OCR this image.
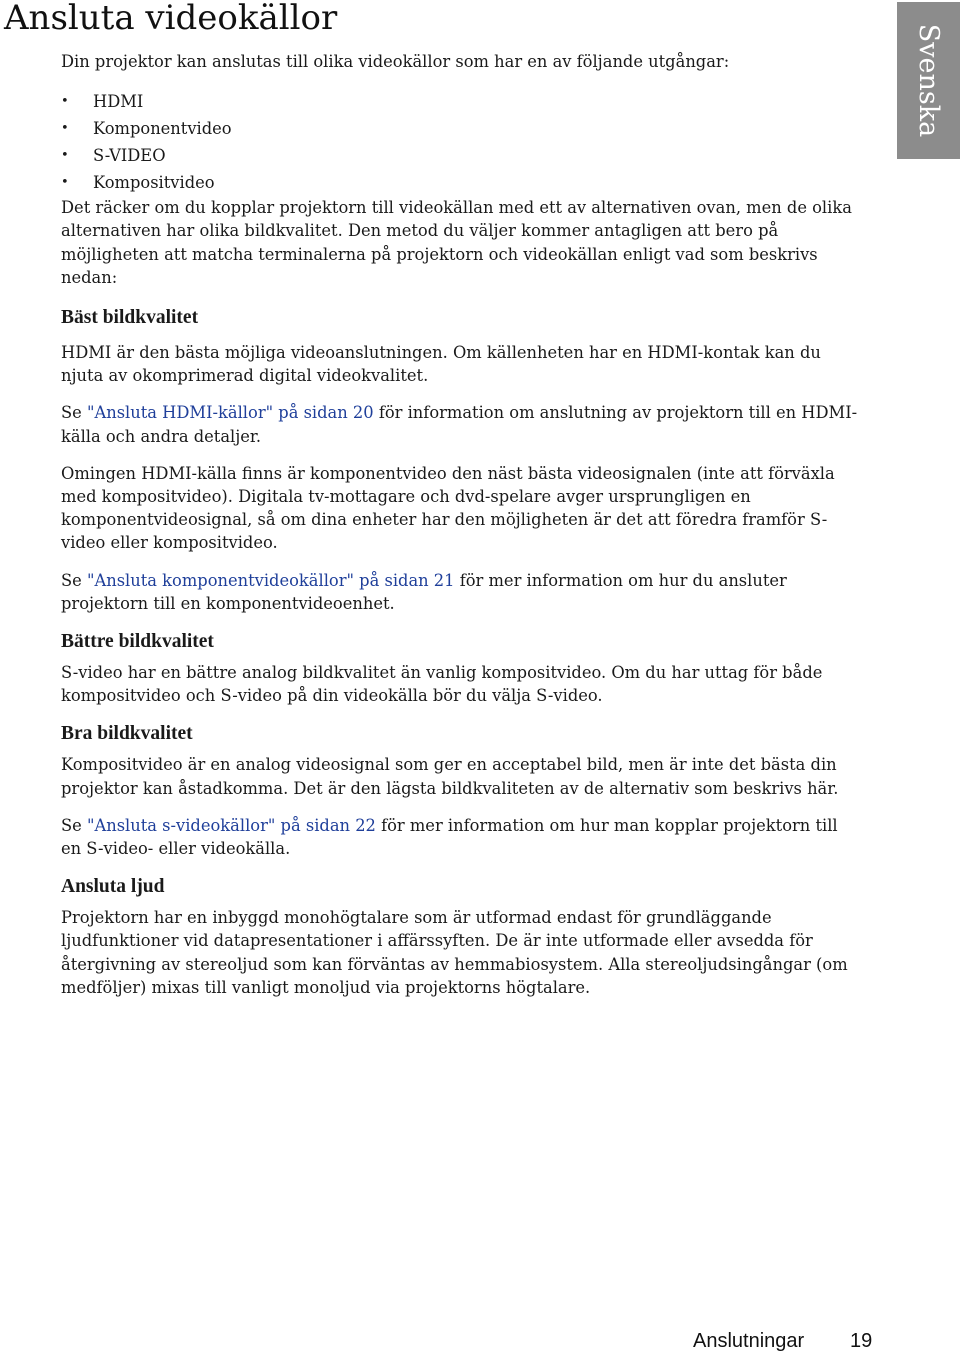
Ansluta videokällor
Svenska

Din projektor kan anslutas till olika videokällor som har en av följande utgångar:

• HDMI
• Komponentvideo
• S-VIDEO
• Kompositvideo

Det räcker om du kopplar projektorn till videokällan med ett av alternativen ovan, men de olika alternativen har olika bildkvalitet. Den metod du väljer kommer antagligen att bero på möjligheten att matcha terminalerna på projektorn och videokällan enligt vad som beskrivs nedan:

Bäst bildkvalitet

HDMI är den bästa möjliga videoanslutningen. Om källenheten har en HDMI-kontak kan du njuta av okomprimerad digital videokvalitet.

Se "Ansluta HDMI-källor" på sidan 20 för information om anslutning av projektorn till en HDMI-källa och andra detaljer.

Omingen HDMI-källa finns är komponentvideo den näst bästa videosignalen (inte att förväxla med kompositvideo). Digitala tv-mottagare och dvd-spelare avger ursprungligen en komponentvideosignal, så om dina enheter har den möjligheten är det att föredra framför S-video eller kompositvideo.

Se "Ansluta komponentvideokällor" på sidan 21 för mer information om hur du ansluter projektorn till en komponentvideoenhet.

Bättre bildkvalitet

S-video har en bättre analog bildkvalitet än vanlig kompositvideo. Om du har uttag för både kompositvideo och S-video på din videokälla bör du välja S-video.

Bra bildkvalitet

Kompositvideo är en analog videosignal som ger en acceptabel bild, men är inte det bästa din projektor kan åstadkomma. Det är den lägsta bildkvaliteten av de alternativ som beskrivs här.

Se "Ansluta s-videokällor" på sidan 22 för mer information om hur man kopplar projektorn till en S-video- eller videokälla.

Ansluta ljud

Projektorn har en inbyggd monohögtalare som är utformad endast för grundläggande ljudfunktioner vid datapresentationer i affärssyften. De är inte utformade eller avsedda för återgivning av stereoljud som kan förväntas av hemmabiosystem. Alla stereoljudsingångar (om medföljer) mixas till vanligt monoljud via projektorns högtalare.

Anslutningar 19
